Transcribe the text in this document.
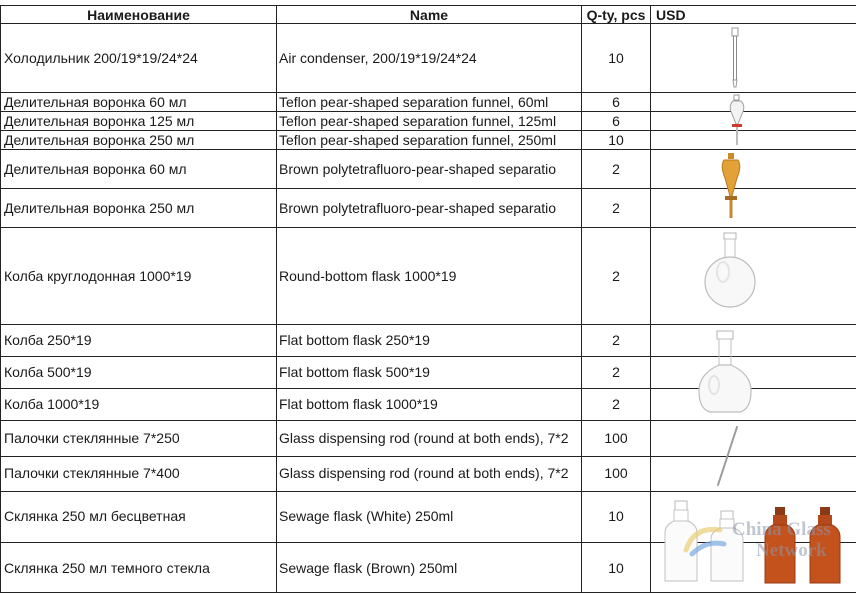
Наименование	Name	Q-ty, pcs USD
Холодильник 200/19*19/24*24	Air condenser, 200/19*19/24*24	10
Делительная воронка 60 мл	Teflon pear-shaped separation funnel, 60ml	6
Делительная воронка 125 мл	Teflon pear-shaped separation funnel, 125ml	6
Делительная воронка 250 мл	Teflon pear-shaped separation funnel, 250ml	10
Делительная воронка 60 мл	Brown polytetrafluoro-pear-shaped separatio	2
Делительная воронка 250 мл	Brown polytetrafluoro-pear-shaped separatio	2
Колба круглодонная 1000*19	Round-bottom flask 1000*19	2
Колба 250*19	Flat bottom flask 250*19	2
Колба 500*19	Flat bottom flask 500*19	2
Колба 1000*19	Flat bottom flask 1000*19	2
Палочки стеклянные 7*250	Glass dispensing rod (round at both ends), 7*2	100
Палочки стеклянные 7*400	Glass dispensing rod (round at both ends), 7*2	100
Склянка 250 мл бесцветная	Sewage flask (White) 250ml	10
Склянка 250 мл темного стекла	Sewage flask (Brown) 250ml	10
China Glass
Network
